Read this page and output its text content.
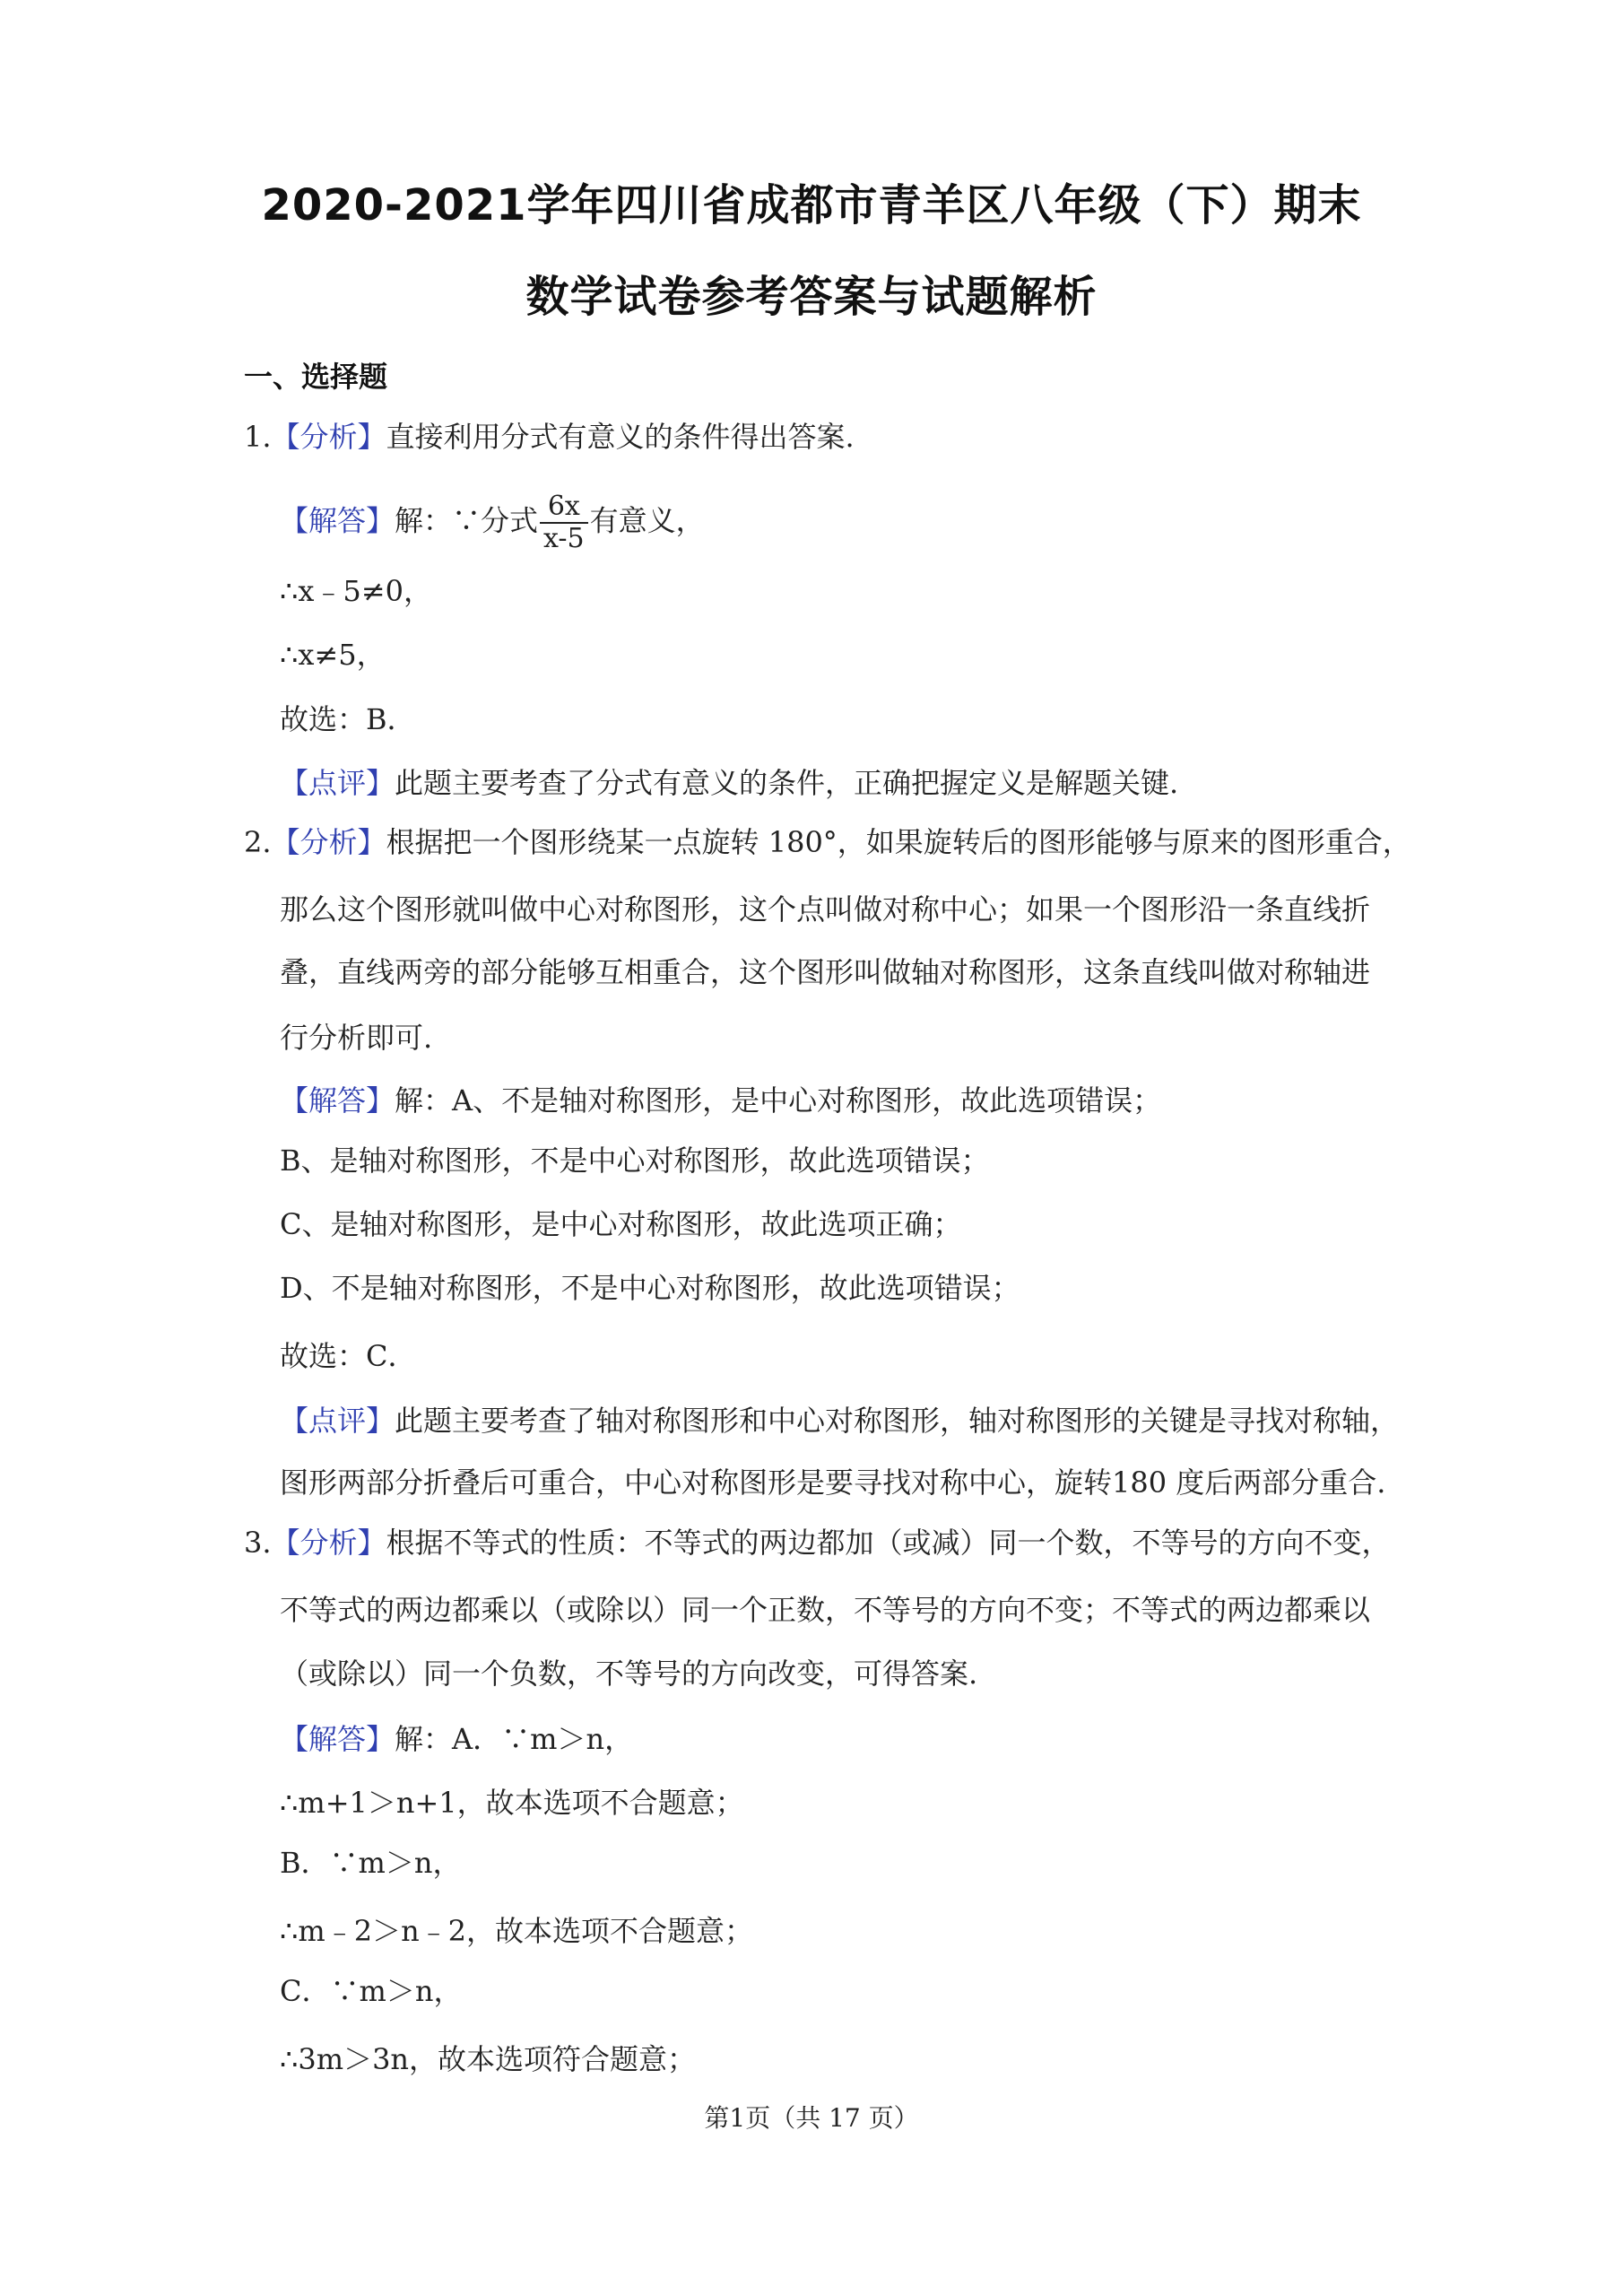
2020-2021学年四川省成都市青羊区八年级（下）期末
数学试卷参考答案与试题解析
一、选择题
1.【分析】直接利用分式有意义的条件得出答案.
【解答】解：∵分式 $\frac{6x}{x-5}$ 有意义，
∴x﹣5≠0，
∴x≠5，
故选：B．
【点评】此题主要考查了分式有意义的条件，正确把握定义是解题关键.
2.【分析】根据把一个图形绕某一点旋转 180°，如果旋转后的图形能够与原来的图形重合，
那么这个图形就叫做中心对称图形，这个点叫做对称中心；如果一个图形沿一条直线折
叠，直线两旁的部分能够互相重合，这个图形叫做轴对称图形，这条直线叫做对称轴进
行分析即可.
【解答】解：A、不是轴对称图形，是中心对称图形，故此选项错误；
B、是轴对称图形，不是中心对称图形，故此选项错误；
C、是轴对称图形，是中心对称图形，故此选项正确；
D、不是轴对称图形，不是中心对称图形，故此选项错误；
故选：C．
【点评】此题主要考查了轴对称图形和中心对称图形，轴对称图形的关键是寻找对称轴，
图形两部分折叠后可重合，中心对称图形是要寻找对称中心，旋转180 度后两部分重合.
3.【分析】根据不等式的性质：不等式的两边都加（或减）同一个数，不等号的方向不变，
不等式的两边都乘以（或除以）同一个正数，不等号的方向不变；不等式的两边都乘以
（或除以）同一个负数，不等号的方向改变，可得答案.
【解答】解：A．∵m＞n，
∴m+1＞n+1，故本选项不合题意；
B．∵m＞n，
∴m﹣2＞n﹣2，故本选项不合题意；
C．∵m＞n，
∴3m＞3n，故本选项符合题意；
第1页（共 17 页）
